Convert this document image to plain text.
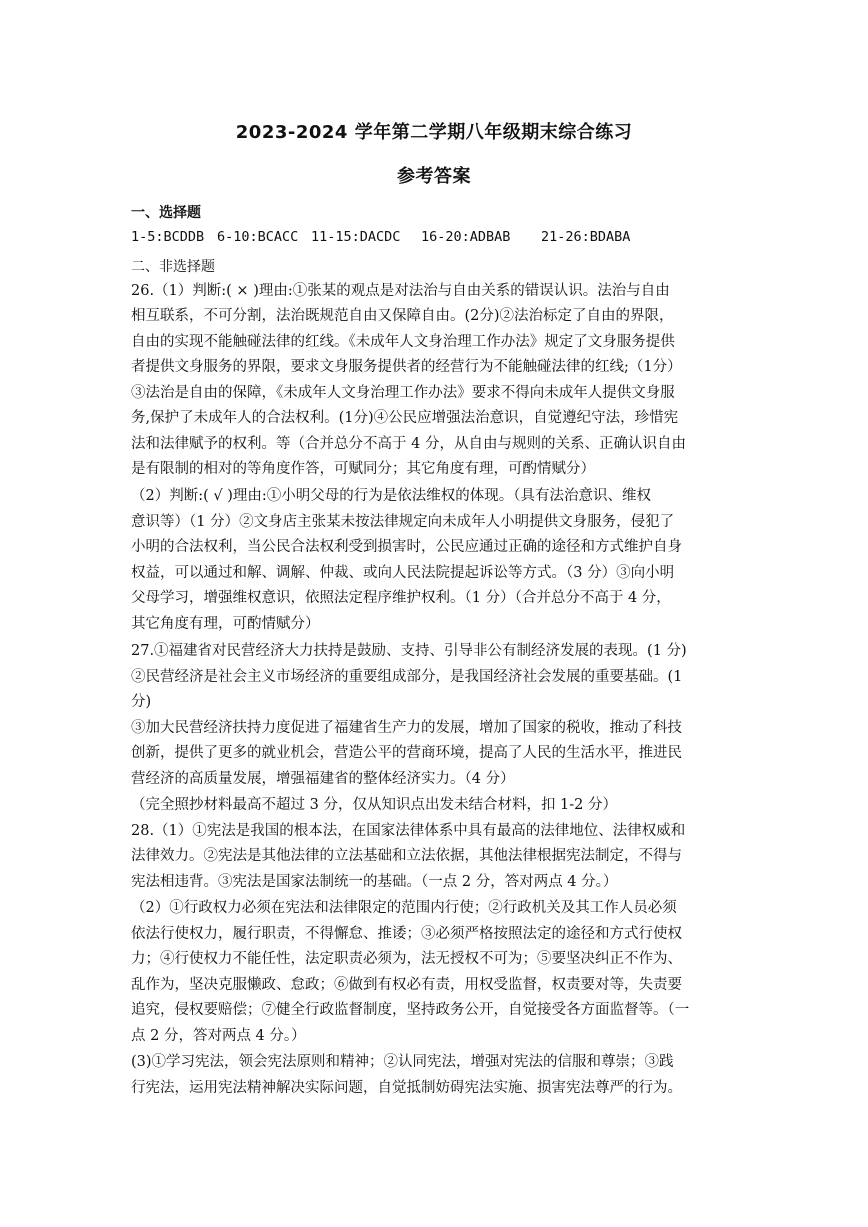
2023-2024 学年第二学期八年级期末综合练习
参考答案
一、选择题

1-5:BCDDB

6-10:BCACC

11-15:DACDC

16-20:ADBAB

21-26:BDABA

二、非选择题
26.（1）判断:( × )理由:①张某的观点是对法治与自由关系的错误认识。法治与自由
相互联系，不可分割，法治既规范自由又保障自由。(2分)②法治标定了自由的界限，
自由的实现不能触碰法律的红线。《未成年人文身治理工作办法》规定了文身服务提供
者提供文身服务的界限，要求文身服务提供者的经营行为不能触碰法律的红线;（1分）
③法治是自由的保障，《未成年人文身治理工作办法》要求不得向未成年人提供文身服
务,保护了未成年人的合法权利。(1分)④公民应增强法治意识，自觉遵纪守法，珍惜宪
法和法律赋予的权利。等（合并总分不高于 4 分，从自由与规则的关系、正确认识自由
是有限制的相对的等角度作答，可赋同分；其它角度有理，可酌情赋分）
（2）判断:( √ )理由:①小明父母的行为是依法维权的体现。（具有法治意识、维权
意识等）（1 分）②文身店主张某未按法律规定向未成年人小明提供文身服务，侵犯了
小明的合法权利，当公民合法权利受到损害时，公民应通过正确的途径和方式维护自身
权益，可以通过和解、调解、仲裁、或向人民法院提起诉讼等方式。（3 分）③向小明
父母学习，增强维权意识，依照法定程序维护权利。（1 分）（合并总分不高于 4 分，
其它角度有理，可酌情赋分）
27.①福建省对民营经济大力扶持是鼓励、支持、引导非公有制经济发展的表现。(1 分)
②民营经济是社会主义市场经济的重要组成部分，是我国经济社会发展的重要基础。(1
分)
③加大民营经济扶持力度促进了福建省生产力的发展，增加了国家的税收，推动了科技
创新，提供了更多的就业机会，营造公平的营商环境，提高了人民的生活水平，推进民
营经济的高质量发展，增强福建省的整体经济实力。（4 分）
（完全照抄材料最高不超过 3 分，仅从知识点出发未结合材料，扣 1-2 分）
28.（1）①宪法是我国的根本法，在国家法律体系中具有最高的法律地位、法律权威和
法律效力。②宪法是其他法律的立法基础和立法依据，其他法律根据宪法制定，不得与
宪法相违背。③宪法是国家法制统一的基础。（一点 2 分，答对两点 4 分。）
（2）①行政权力必须在宪法和法律限定的范围内行使；②行政机关及其工作人员必须
依法行使权力，履行职责，不得懈怠、推诿；③必须严格按照法定的途径和方式行使权
力；④行使权力不能任性，法定职责必须为，法无授权不可为；⑤要坚决纠正不作为、
乱作为，坚决克服懒政、怠政；⑥做到有权必有责，用权受监督，权责要对等，失责要
追究，侵权要赔偿；⑦健全行政监督制度，坚持政务公开，自觉接受各方面监督等。（一
点 2 分，答对两点 4 分。）
(3)①学习宪法，领会宪法原则和精神；②认同宪法，增强对宪法的信服和尊崇；③践
行宪法，运用宪法精神解决实际问题，自觉抵制妨碍宪法实施、损害宪法尊严的行为。
